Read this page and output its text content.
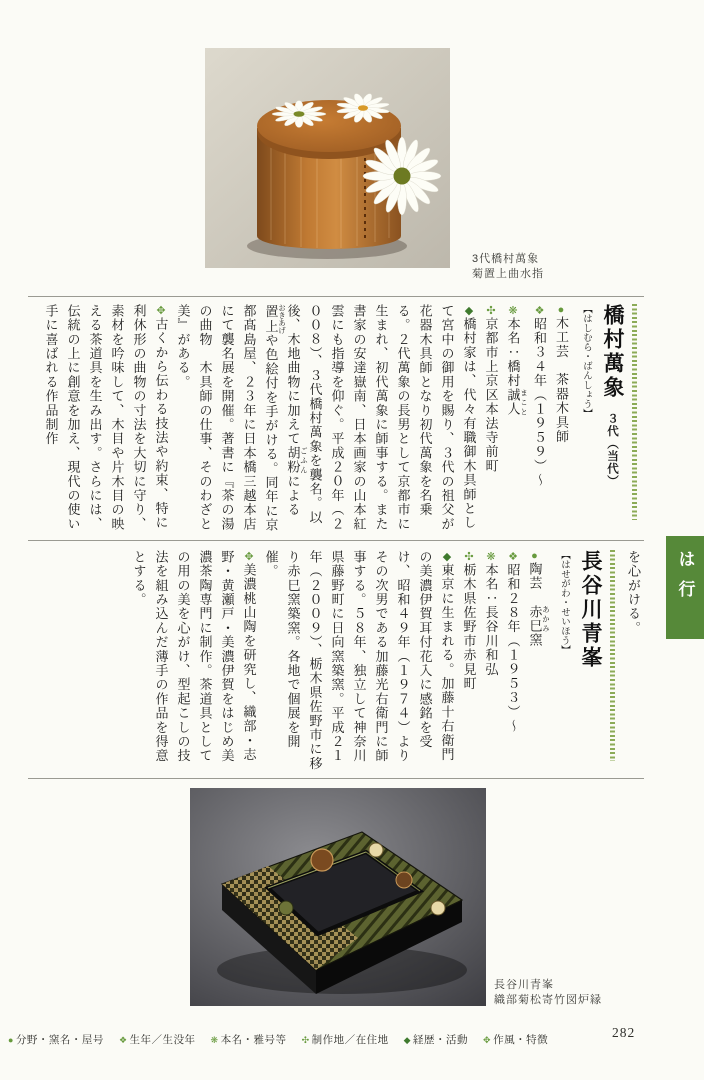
3代橋村萬象
菊置上曲水指
橋村萬象　３代（当代）
【はしむら・ばんしょう】

●木工芸　茶器木具師

❖昭和３４年（１９５９）〜

❋本名：橋村誠人 まこと

✣京都市上京区本法寺前町

◆橋村家は、代々有職御木具師として宮中の御用を賜り、３代の祖父が花器木具師となり初代萬象を名乗る。２代萬象の長男として京都市に生まれ、初代萬象に師事する。また書家の安達嶽南、日本画家の山本紅雲にも指導を仰ぐ。平成２０年（２００８）、３代橋村萬象を襲名。以後、木地曲物に加えて胡粉 ごふんによる置上 おきあげや色絵付を手がける。同年に京都髙島屋、２３年に日本橋三越本店にて襲名展を開催。著書に『茶の湯の曲物　木具師の仕事、そのわざと美』がある。

✥古くから伝わる技法や約束、特に利休形の曲物の寸法を大切に守り、素材を吟味して、木目や片木目の映える茶道具を生み出す。さらには、伝統の上に創意を加え、現代の使い手に喜ばれる作品制作

は行

を心がける。

長谷川青峯
【はせがわ・せいほう】

●陶芸　赤巳 あかみ窯

❖昭和２８年（１９５３）〜

❋本名：長谷川和弘

✣栃木県佐野市赤見町

◆東京に生まれる。加藤十右衛門の美濃伊賀耳付花入に感銘を受け、昭和４９年（１９７４）よりその次男である加藤光右衛門に師事する。５８年、独立して神奈川県藤野町に日向窯築窯。平成２１年（２００９）、栃木県佐野市に移り赤巳窯築窯。各地で個展を開催。

✥美濃桃山陶を研究し、織部・志野・黄瀬戸・美濃伊賀をはじめ美濃茶陶専門に制作。茶道具としての用の美を心がけ、型起こしの技法を組み込んだ薄手の作品を得意とする。

長谷川青峯
織部菊松寄竹図炉縁
● 分野・窯名・屋号 ❖ 生年／生没年 ❋ 本名・雅号等 ✣ 制作地／在住地 ◆ 経歴・活動 ✥ 作風・特徴	282
